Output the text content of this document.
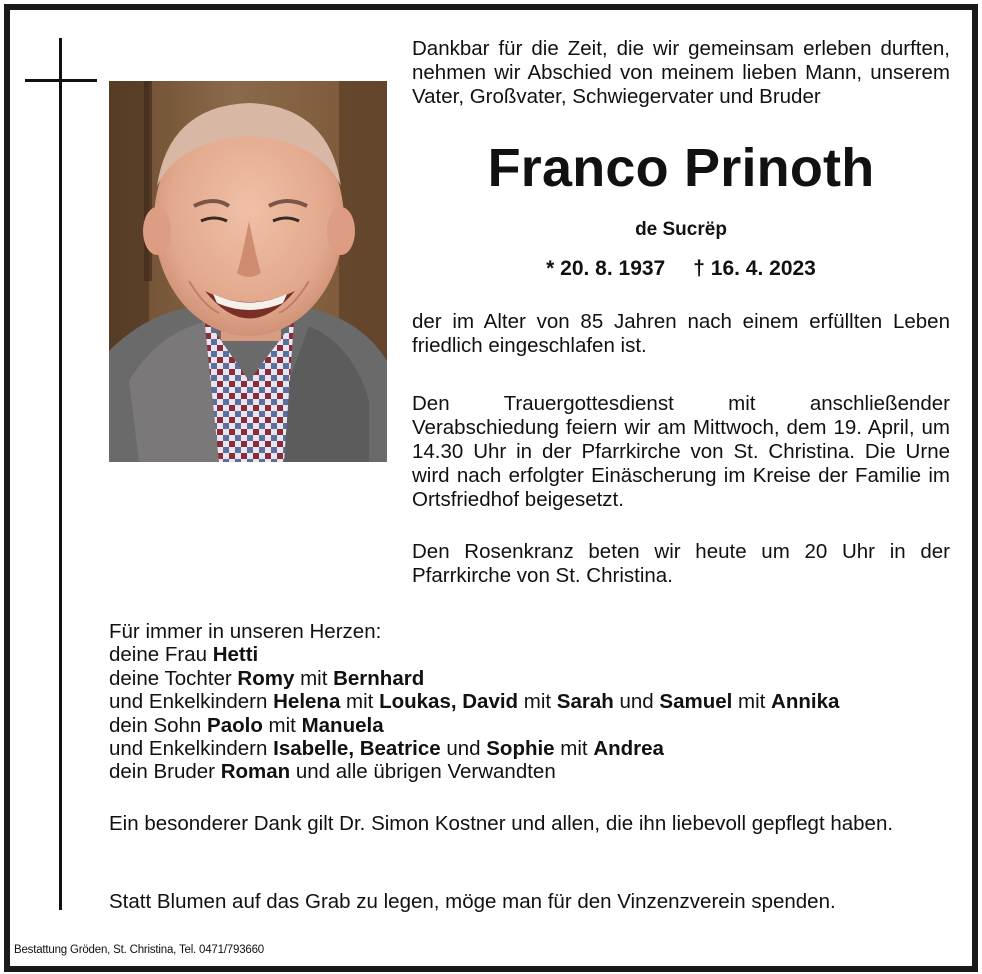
Dankbar für die Zeit, die wir gemeinsam erleben durften, nehmen wir Abschied von meinem lieben Mann, unserem Vater, Großvater, Schwiegervater und Bruder
Franco Prinoth
de Sucrëp
* 20. 8. 1937 † 16. 4. 2023
der im Alter von 85 Jahren nach einem erfüllten Leben friedlich eingeschlafen ist.
Den Trauergottesdienst mit anschließender Verabschiedung feiern wir am Mittwoch, dem 19. April, um 14.30 Uhr in der Pfarrkirche von St. Christina. Die Urne wird nach erfolgter Einäscherung im Kreise der Familie im Ortsfriedhof beigesetzt.
Den Rosenkranz beten wir heute um 20 Uhr in der Pfarrkirche von St. Christina.
Für immer in unseren Herzen:
deine Frau Hetti
deine Tochter Romy mit Bernhard
und Enkelkindern Helena mit Loukas, David mit Sarah und Samuel mit Annika
dein Sohn Paolo mit Manuela
und Enkelkindern Isabelle, Beatrice und Sophie mit Andrea
dein Bruder Roman und alle übrigen Verwandten
Ein besonderer Dank gilt Dr. Simon Kostner und allen, die ihn liebevoll gepflegt haben.
Statt Blumen auf das Grab zu legen, möge man für den Vinzenzverein spenden.
Bestattung Gröden, St. Christina, Tel. 0471/793660
